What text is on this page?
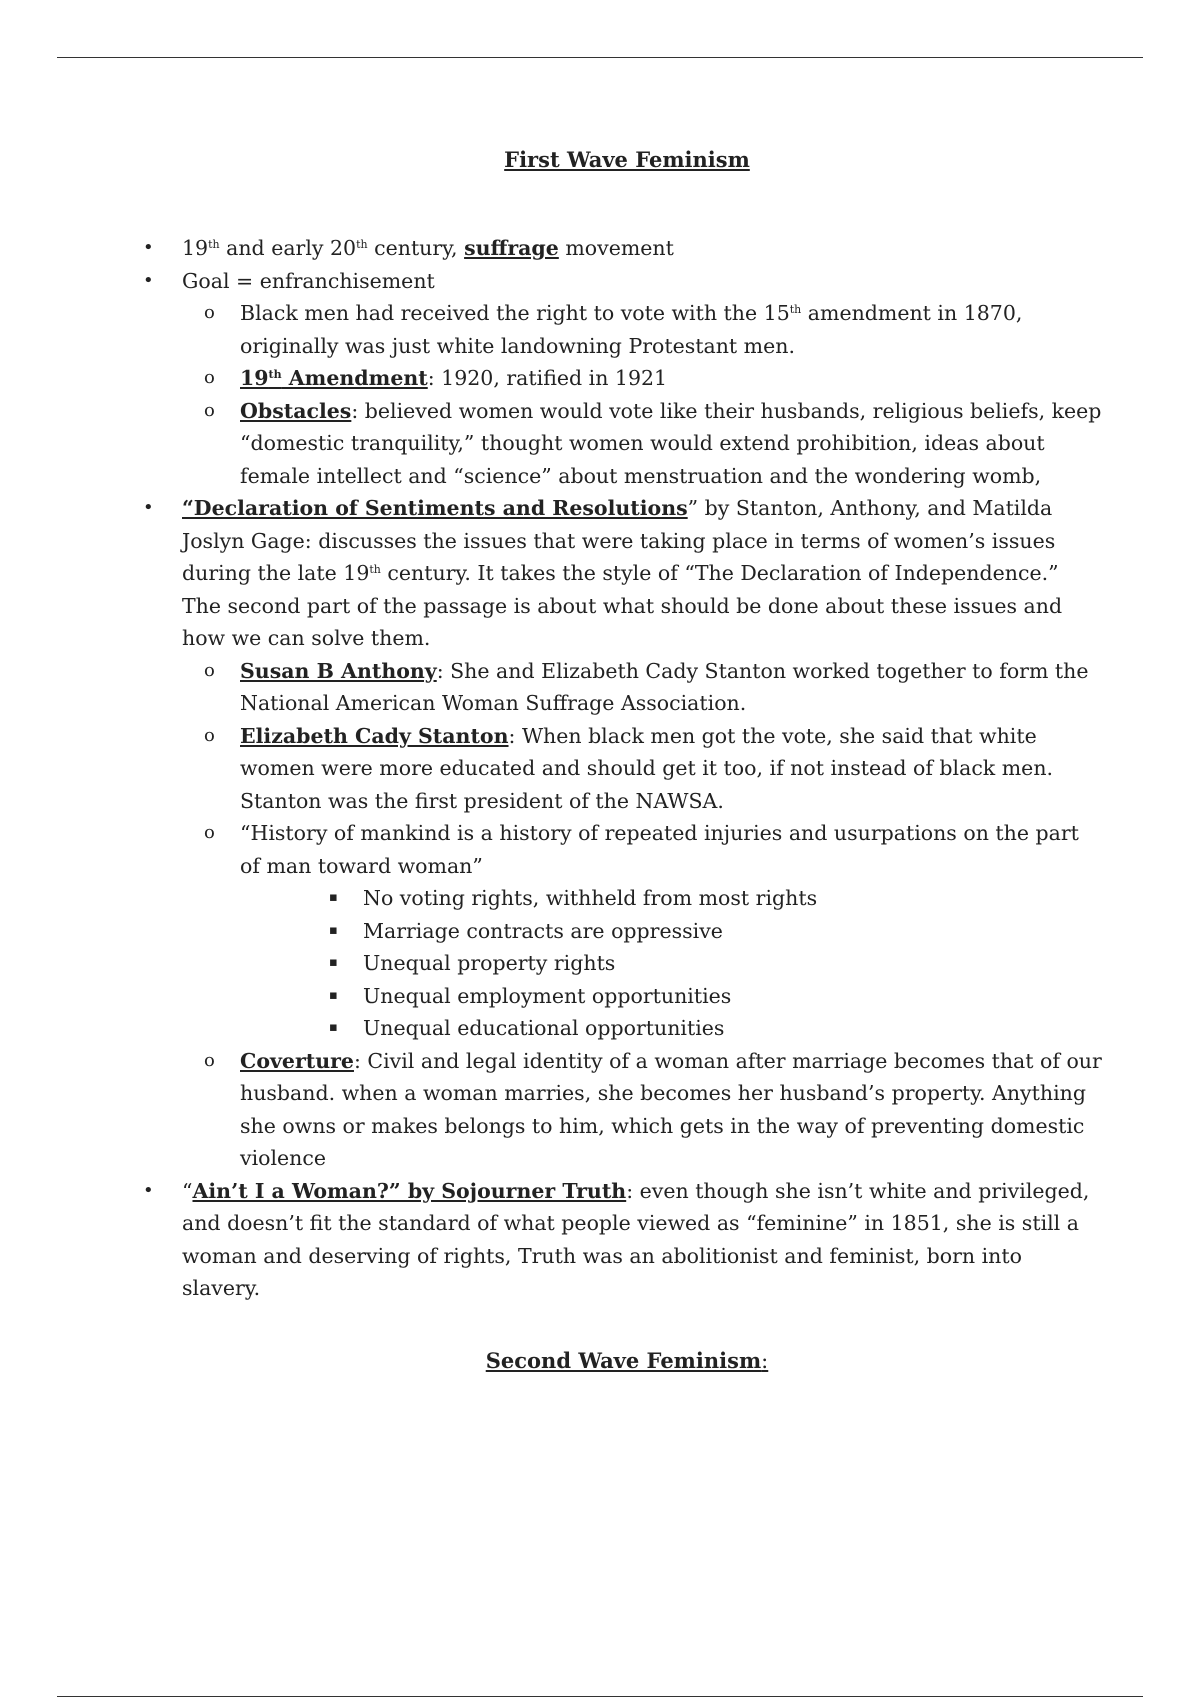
First Wave Feminism
• 19th and early 20th century, suffrage movement
• Goal = enfranchisement
o Black men had received the right to vote with the 15th amendment in 1870, originally was just white landowning Protestant men.
o 19th Amendment: 1920, ratified in 1921
o Obstacles: believed women would vote like their husbands, religious beliefs, keep “domestic tranquility,” thought women would extend prohibition, ideas about female intellect and “science” about menstruation and the wondering womb,
• “Declaration of Sentiments and Resolutions” by Stanton, Anthony, and Matilda Joslyn Gage: discusses the issues that were taking place in terms of women’s issues during the late 19th century. It takes the style of “The Declaration of Independence.” The second part of the passage is about what should be done about these issues and how we can solve them.
o Susan B Anthony: She and Elizabeth Cady Stanton worked together to form the National American Woman Suffrage Association.
o Elizabeth Cady Stanton: When black men got the vote, she said that white women were more educated and should get it too, if not instead of black men. Stanton was the first president of the NAWSA.
o “History of mankind is a history of repeated injuries and usurpations on the part of man toward woman”
▪ No voting rights, withheld from most rights
▪ Marriage contracts are oppressive
▪ Unequal property rights
▪ Unequal employment opportunities
▪ Unequal educational opportunities
o Coverture: Civil and legal identity of a woman after marriage becomes that of our husband. when a woman marries, she becomes her husband’s property. Anything she owns or makes belongs to him, which gets in the way of preventing domestic violence
• “Ain’t I a Woman?” by Sojourner Truth: even though she isn’t white and privileged, and doesn’t fit the standard of what people viewed as “feminine” in 1851, she is still a woman and deserving of rights, Truth was an abolitionist and feminist, born into slavery.
Second Wave Feminism:
